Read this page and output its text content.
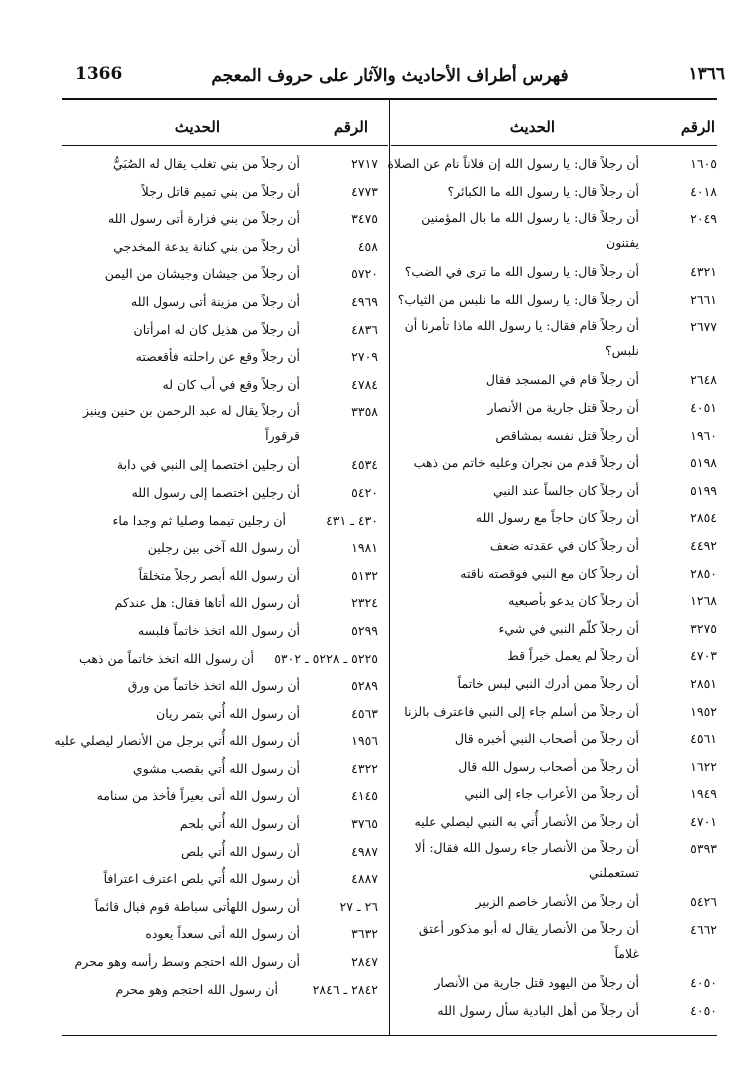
١٣٦٦
فهرس أطراف الأحاديث والآثار على حروف المعجم
1366
الرقم
الحديث
الرقم
الحديث
١٦٠٥
أن رجلاً قال: يا رسول الله إن فلاناً نام عن الصلاة
٤٠١٨
أن رجلاً قال: يا رسول الله ما الكبائر؟
٢٠٤٩
أن رجلاً قال: يا رسول الله ما بال المؤمنين يفتنون
٤٣٢١
أن رجلاً قال: يا رسول الله ما ترى في الضب؟
٢٦٦١
أن رجلاً قال: يا رسول الله ما نلبس من الثياب؟
٢٦٧٧
أن رجلاً قام فقال: يا رسول الله ماذا تأمرنا أن نلبس؟
٢٦٤٨
أن رجلاً قام في المسجد فقال
٤٠٥١
أن رجلاً قتل جارية من الأنصار
١٩٦٠
أن رجلاً قتل نفسه بمشاقص
٥١٩٨
أن رجلاً قدم من نجران وعليه خاتم من ذهب
٥١٩٩
أن رجلاً كان جالساً عند النبي
٢٨٥٤
أن رجلاً كان حاجاً مع رسول الله
٤٤٩٢
أن رجلاً كان في عقدته ضعف
٢٨٥٠
أن رجلاً كان مع النبي فوقصته ناقته
١٢٦٨
أن رجلاً كان يدعو بأصبعيه
٣٢٧٥
أن رجلاً كلّم النبي في شيء
٤٧٠٣
أن رجلاً لم يعمل خيراً قط
٢٨٥١
أن رجلاً ممن أدرك النبي لبس خاتماً
١٩٥٢
أن رجلاً من أسلم جاء إلى النبي فاعترف بالزنا
٤٥٦١
أن رجلاً من أصحاب النبي أخبره قال
١٦٢٢
أن رجلاً من أصحاب رسول الله قال
١٩٤٩
أن رجلاً من الأعراب جاء إلى النبي
٤٧٠١
أن رجلاً من الأنصار أُتي به النبي ليصلي عليه
٥٣٩٣
أن رجلاً من الأنصار جاء رسول الله فقال: ألا تستعملني
٥٤٢٦
أن رجلاً من الأنصار خاصم الزبير
٤٦٦٢
أن رجلاً من الأنصار يقال له أبو مذكور أعتق غلاماً
٤٠٥٠
أن رجلاً من اليهود قتل جارية من الأنصار
٤٠٥٠
أن رجلاً من أهل البادية سأل رسول الله
٢٧١٧
أن رجلاً من بني تغلب يقال له الصُبَيُّ
٤٧٧٣
أن رجلاً من بني تميم قاتل رجلاً
٣٤٧٥
أن رجلاً من بني فزارة أتى رسول الله
٤٥٨
أن رجلاً من بني كنانة يدعة المخدجي
٥٧٢٠
أن رجلاً من جيشان وجيشان من اليمن
٤٩٦٩
أن رجلاً من مزينة أتى رسول الله
٤٨٣٦
أن رجلاً من هذيل كان له امرأتان
٢٧٠٩
أن رجلاً وقع عن راحلته فأقعصته
٤٧٨٤
أن رجلاً وقع في أب كان له
٣٣٥٨
أن رجلاً يقال له عبد الرحمن بن حنين وينبز قرقوراً
٤٥٣٤
أن رجلين اختصما إلى النبي في دابة
٥٤٢٠
أن رجلين اختصما إلى رسول الله
٤٣٠ ـ ٤٣١
أن رجلين تيمما وصليا ثم وجدا ماء
١٩٨١
أن رسول الله آخى بين رجلين
٥١٣٢
أن رسول الله أبصر رجلاً متخلقاً
٢٣٢٤
أن رسول الله أتاها فقال: هل عندكم
٥٢٩٩
أن رسول الله اتخذ خاتماً فلبسه
٥٢٢٥ ـ ٥٢٢٨ ـ ٥٣٠٢
أن رسول الله اتخذ خاتماً من ذهب
٥٢٨٩
أن رسول الله اتخذ خاتماً من ورق
٤٥٦٣
أن رسول الله أُتي بتمر ريان
١٩٥٦
أن رسول الله أُتي برجل من الأنصار ليصلي عليه
٤٣٢٢
أن رسول الله أُتي بقصب مشوي
٤١٤٥
أن رسول الله أتى بعيراً فأخذ من سنامه
٣٧٦٥
أن رسول الله أُتي بلحم
٤٩٨٧
أن رسول الله أُتي بلص
٤٨٨٧
أن رسول الله أُتي بلص اعترف اعترافاً
٢٦ ـ ٢٧
أن رسول اللهأتى سباطة قوم فبال قائماً
٣٦٣٢
أن رسول الله أتى سعداً يعوده
٢٨٤٧
أن رسول الله احتجم وسط رأسه وهو محرم
٢٨٤٢ ـ ٢٨٤٦
أن رسول الله احتجم وهو محرم
